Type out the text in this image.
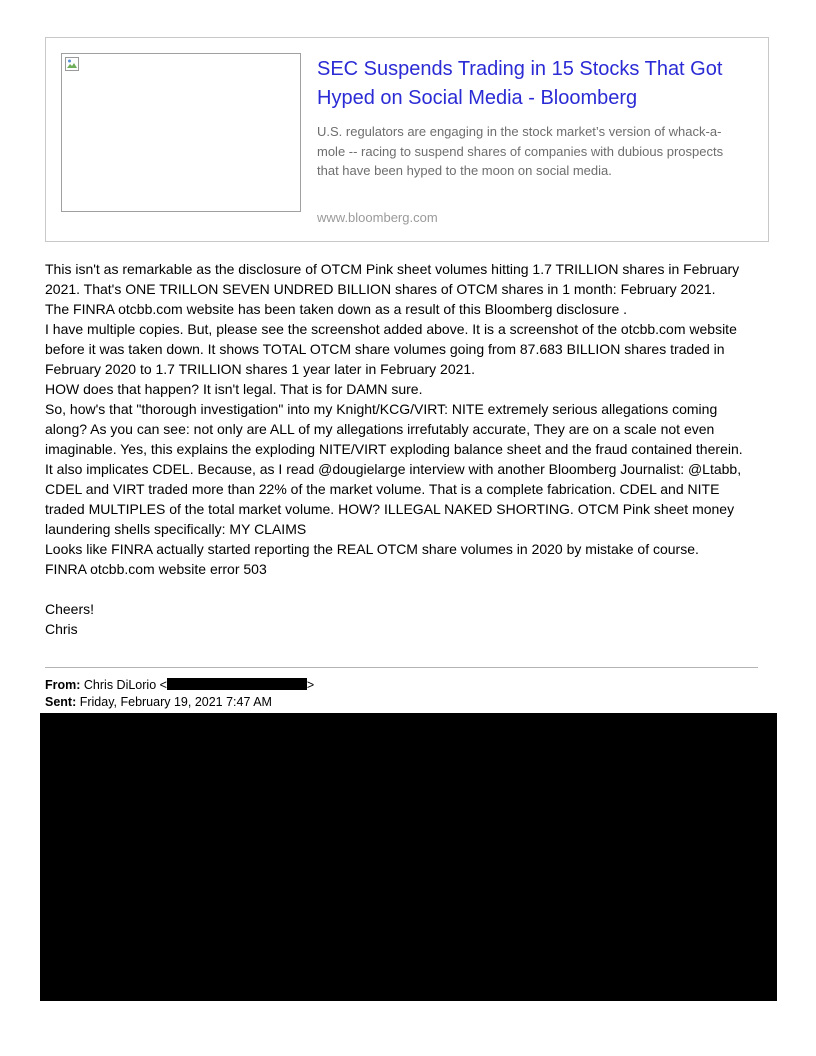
SEC Suspends Trading in 15 Stocks That Got Hyped on Social Media - Bloomberg

U.S. regulators are engaging in the stock market’s version of whack-a-mole -- racing to suspend shares of companies with dubious prospects that have been hyped to the moon on social media.

www.bloomberg.com

This isn't as remarkable as the disclosure of OTCM Pink sheet volumes hitting 1.7 TRILLION shares in February

2021. That's ONE TRILLON SEVEN UNDRED BILLION shares of OTCM shares in 1 month: February 2021.

The FINRA otcbb.com website has been taken down as a result of this Bloomberg disclosure .

I have multiple copies. But, please see the screenshot added above. It is a screenshot of the otcbb.com website

before it was taken down. It shows TOTAL OTCM share volumes going from 87.683 BILLION shares traded in

February 2020 to 1.7 TRILLION shares 1 year later in February 2021.

HOW does that happen? It isn't legal. That is for DAMN sure.

So, how's that "thorough investigation" into my Knight/KCG/VIRT: NITE extremely serious allegations coming

along? As you can see: not only are ALL of my allegations irrefutably accurate, They are on a scale not even

imaginable. Yes, this explains the exploding NITE/VIRT exploding balance sheet and the fraud contained therein.

It also implicates CDEL. Because, as I read @dougielarge interview with another Bloomberg Journalist: @Ltabb,

CDEL and VIRT traded more than 22% of the market volume. That is a complete fabrication. CDEL and NITE

traded MULTIPLES of the total market volume. HOW? ILLEGAL NAKED SHORTING. OTCM Pink sheet money

laundering shells specifically: MY CLAIMS

Looks like FINRA actually started reporting the REAL OTCM share volumes in 2020 by mistake of course.

FINRA otcbb.com website error 503

Cheers!

Chris

From: Chris DiLorio <	>

Sent: Friday, February 19, 2021 7:47 AM
